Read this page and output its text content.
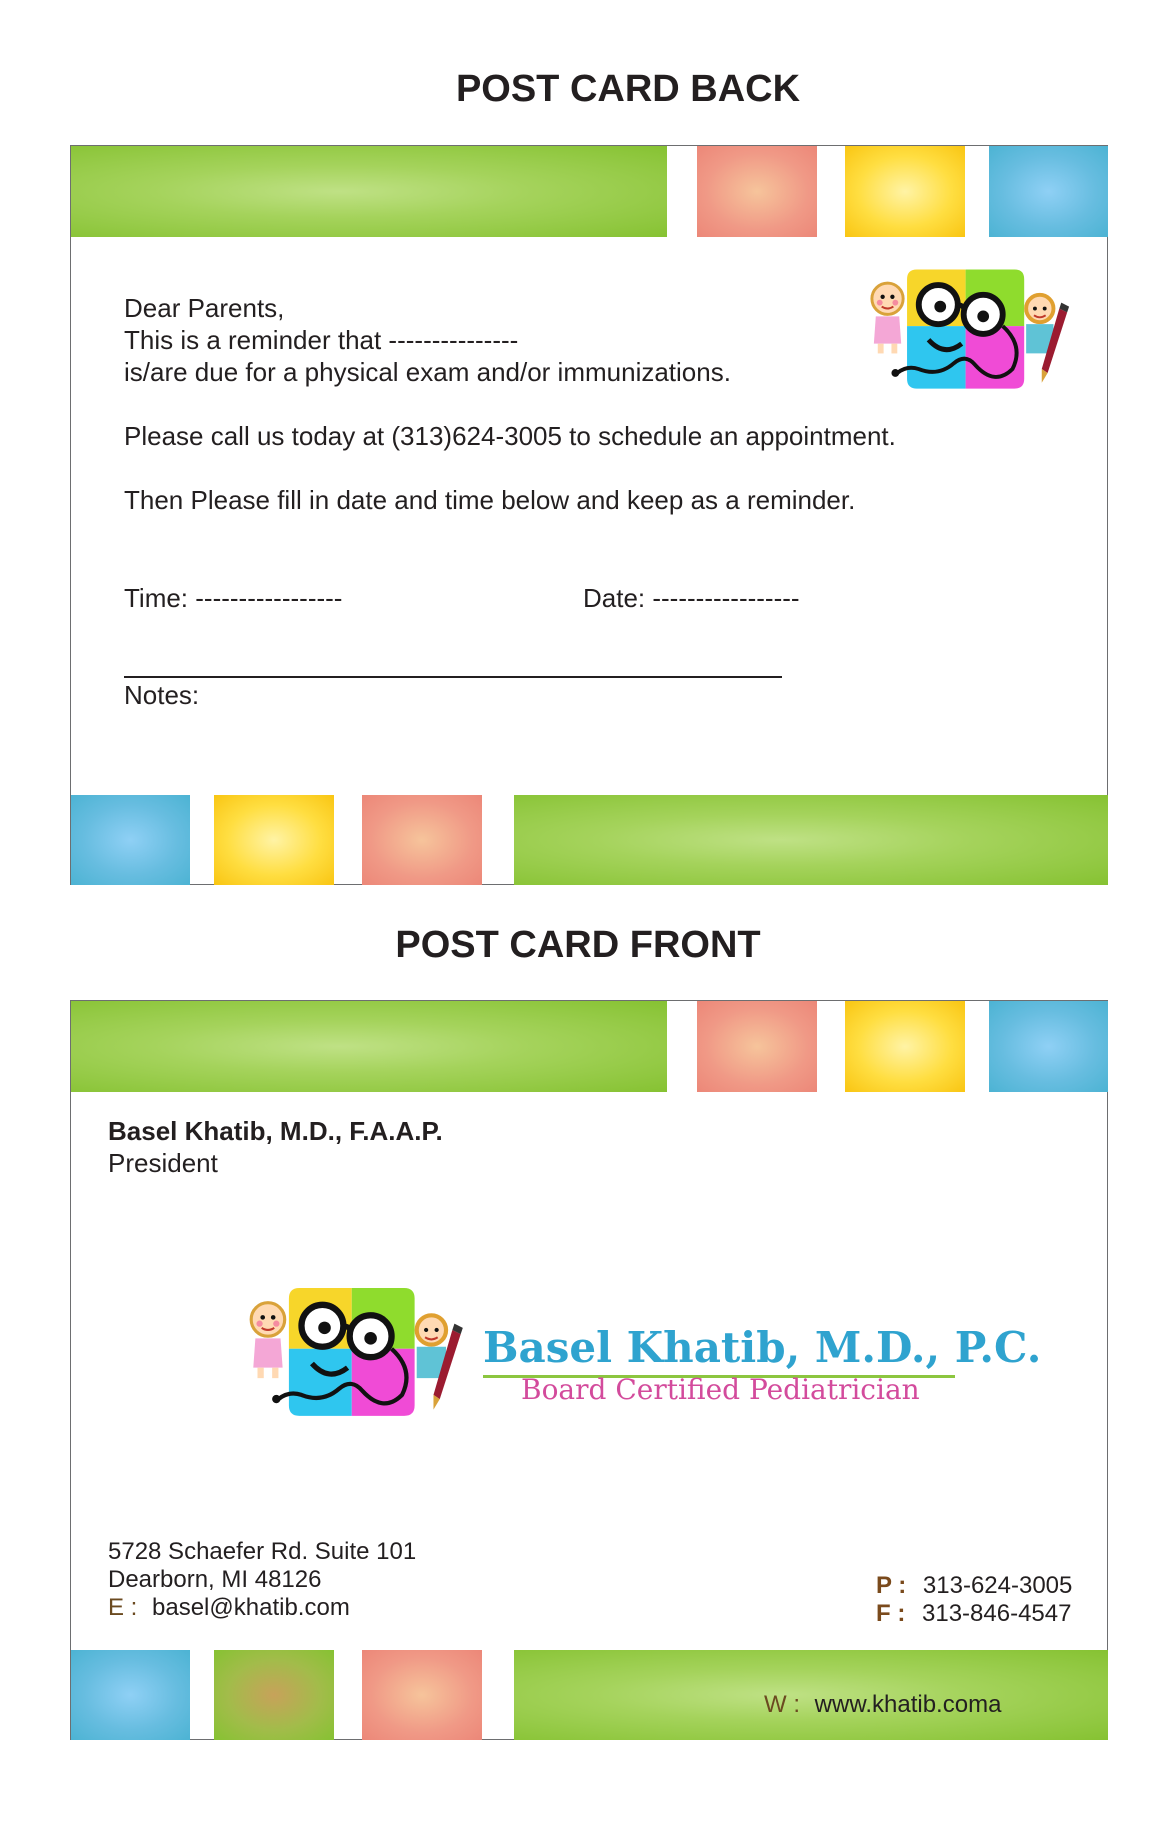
POST CARD BACK
Dear Parents,
This is a reminder that ---------------
is/are due for a physical exam and/or immunizations.
Please call us today at (313)624-3005 to schedule an appointment.
Then Please fill in date and time below and keep as a reminder.
Time: -----------------	Date: -----------------
Notes:
POST CARD FRONT
Basel Khatib, M.D., F.A.A.P.
President
Basel Khatib, M.D., P.C.
Board Certified Pediatrician
5728 Schaefer Rd. Suite 101
Dearborn, MI 48126
E : basel@khatib.com
P : 313-624-3005
F : 313-846-4547
W : www.khatib.coma
